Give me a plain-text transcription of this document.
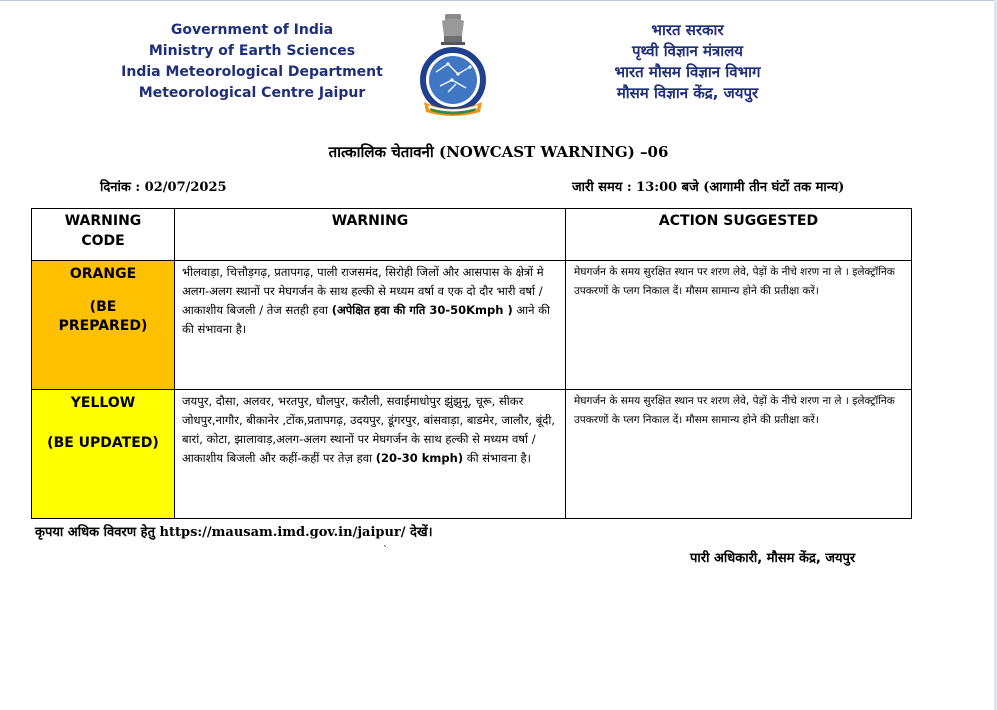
Government of India
Ministry of Earth Sciences
India Meteorological Department
Meteorological Centre Jaipur
भारत सरकार
पृथ्वी विज्ञान मंत्रालय
भारत मौसम विज्ञान विभाग
मौसम विज्ञान केंद्र, जयपुर
तात्कालिक चेतावनी (NOWCAST WARNING) –06
दिनांक : 02/07/2025	जारी समय : 13:00 बजे (आगामी तीन घंटों तक मान्य)
WARNING CODE	WARNING	ACTION SUGGESTED

ORANGE
(BE PREPARED)	भीलवाड़ा, चित्तौड़गढ़, प्रतापगढ़, पाली राजसमंद, सिरोही जिलों और आसपास के क्षेत्रों मे अलग-अलग स्थानों पर मेघगर्जन के साथ हल्की से मध्यम वर्षा व एक दो दौर भारी वर्षा /आकाशीय बिजली / तेज सतही हवा (अपेक्षित हवा की गति 30-50Kmph ) आने की की संभावना है।	मेघगर्जन के समय सुरक्षित स्थान पर शरण लेवे, पेड़ों के नीचे शरण ना ले । इलेक्ट्रॉनिक उपकरणों के प्लग निकाल दें। मौसम सामान्य होने की प्रतीक्षा करें।

YELLOW
(BE UPDATED)	जयपुर, दौसा, अलवर, भरतपुर, धौलपुर, करौली, सवाईमाधोपुर झुंझुनू, चूरू, सीकर जोधपुर,नागौर, बीकानेर ,टोंक,प्रतापगढ़, उदयपुर, डूंगरपुर, बांसवाड़ा, बाडमेर, जालौर, बूंदी, बारां, कोटा, झालावाड़,अलग-अलग स्थानों पर मेघगर्जन के साथ हल्की से मध्यम वर्षा / आकाशीय बिजली और कहीं-कहीं पर तेज़ हवा (20-30 kmph) की संभावना है।	मेघगर्जन के समय सुरक्षित स्थान पर शरण लेवे, पेड़ों के नीचे शरण ना ले । इलेक्ट्रॉनिक उपकरणों के प्लग निकाल दें। मौसम सामान्य होने की प्रतीक्षा करें।
कृपया अधिक विवरण हेतु https://mausam.imd.gov.in/jaipur/ देखें।
`
पारी अधिकारी, मौसम केंद्र, जयपुर
